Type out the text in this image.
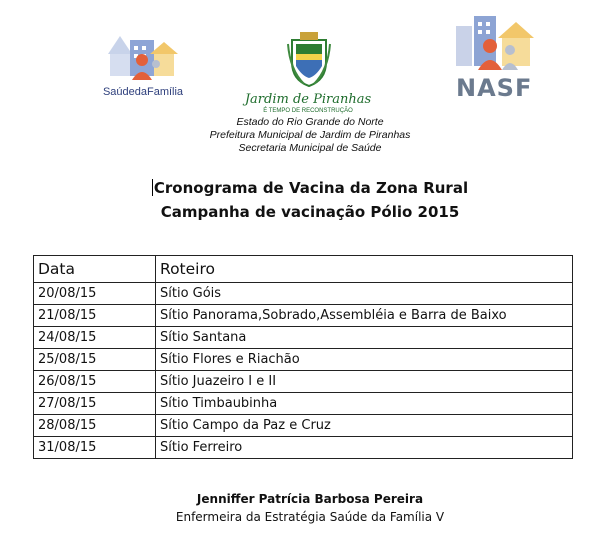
SaúdedaFamília	Jardim de Piranhas
É TEMPO DE RECONSTRUÇÃO
NASF
Estado do Rio Grande do Norte
Prefeitura Municipal de Jardim de Piranhas
Secretaria Municipal de Saúde
Cronograma de Vacina da Zona Rural
Campanha de vacinação Pólio 2015
Data	Roteiro
20/08/15	Sítio Góis
21/08/15	Sítio Panorama,Sobrado,Assembléia e Barra de Baixo
24/08/15	Sítio Santana
25/08/15	Sítio Flores e Riachão
26/08/15	Sítio Juazeiro I e II
27/08/15	Sítio Timbaubinha
28/08/15	Sítio Campo da Paz e Cruz
31/08/15	Sítio Ferreiro
Jenniffer Patrícia Barbosa Pereira
Enfermeira da Estratégia Saúde da Família V
